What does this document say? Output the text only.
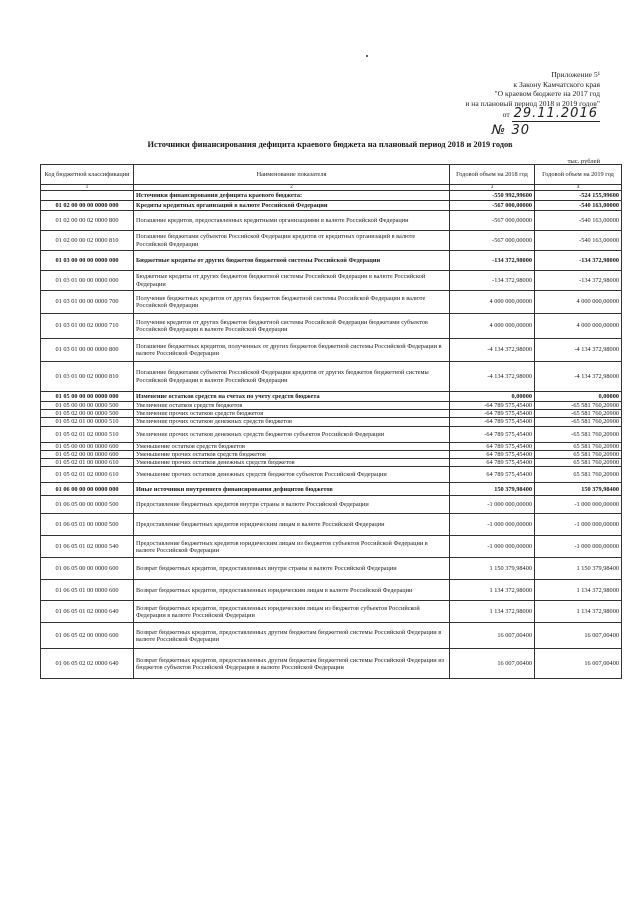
Приложение 5¹
к Закону Камчатского края
"О краевом бюджете на 2017 год
и на плановый период 2018 и 2019 годов"
от 29.11.2016
№ 30
Источники финансирования дефицита краевого бюджета на плановый период 2018 и 2019 годов
тыс. рублей
Код бюджетной классификации	Наименование показателя	Годовой объем на 2018 год	Годовой объем на 2019 год
1	2	3	4
	Источники финансирования дефицита краевого бюджета:	-550 992,99600	-524 155,99600
01 02 00 00 00 0000 000	Кредиты кредитных организаций в валюте Российской Федерации	-567 000,00000	-540 163,00000
01 02 00 00 02 0000 800	Погашение кредитов, предоставленных кредитными организациями в валюте Российской Федерации	-567 000,00000	-540 163,00000
01 02 00 00 02 0000 810	Погашение бюджетами субъектов Российской Федерации кредитов от кредитных организаций в валюте Российской Федерации	-567 000,00000	-540 163,00000
01 03 00 00 00 0000 000	Бюджетные кредиты от других бюджетов бюджетной системы Российской Федерации	-134 372,98000	-134 372,98000
01 03 01 00 00 0000 000	Бюджетные кредиты от других бюджетов бюджетной системы Российской Федерации в валюте Российской Федерации	-134 372,98000	-134 372,98000
01 03 01 00 00 0000 700	Получение бюджетных кредитов от других бюджетов бюджетной системы Российской Федерации в валюте Российской Федерации	4 000 000,00000	4 000 000,00000
01 03 01 00 02 0000 710	Получение кредитов от других бюджетов бюджетной системы Российской Федерации бюджетами субъектов Российской Федерации в валюте Российской Федерации	4 000 000,00000	4 000 000,00000
01 03 01 00 00 0000 800	Погашение бюджетных кредитов, полученных от других бюджетов бюджетной системы Российской Федерации в валюте Российской Федерации	-4 134 372,98000	-4 134 372,98000
01 03 01 00 02 0000 810	Погашение бюджетами субъектов Российской Федерации кредитов от других бюджетов бюджетной системы Российской Федерации в валюте Российской Федерации	-4 134 372,98000	-4 134 372,98000
01 05 00 00 00 0000 000	Изменение остатков средств на счетах по учету средств бюджета	0,00000	0,00000
01 05 00 00 00 0000 500	Увеличение остатков средств бюджетов	-64 789 575,45400	-65 581 760,20900
01 05 02 00 00 0000 500	Увеличение прочих остатков средств бюджетов	-64 789 575,45400	-65 581 760,20900
01 05 02 01 00 0000 510	Увеличение прочих остатков денежных средств бюджетов	-64 789 575,45400	-65 581 760,20900
01 05 02 01 02 0000 510	Увеличение прочих остатков денежных средств бюджетов субъектов Российской Федерации	-64 789 575,45400	-65 581 760,20900
01 05 00 00 00 0000 600	Уменьшение остатков средств бюджетов	64 789 575,45400	65 581 760,20900
01 05 02 00 00 0000 600	Уменьшение прочих остатков средств бюджетов	64 789 575,45400	65 581 760,20900
01 05 02 01 00 0000 610	Уменьшение прочих остатков денежных средств бюджетов	64 789 575,45400	65 581 760,20900
01 05 02 01 02 0000 610	Уменьшение прочих остатков денежных средств бюджетов субъектов Российской Федерации	64 789 575,45400	65 581 760,20900
01 06 00 00 00 0000 000	Иные источники внутреннего финансирования дефицитов бюджетов	150 379,98400	150 379,98400
01 06 05 00 00 0000 500	Предоставление бюджетных кредитов внутри страны в валюте Российской Федерации	-1 000 000,00000	-1 000 000,00000
01 06 05 01 00 0000 500	Предоставление бюджетных кредитов юридическим лицам в валюте Российской Федерации	-1 000 000,00000	-1 000 000,00000
01 06 05 01 02 0000 540	Предоставление бюджетных кредитов юридическим лицам из бюджетов субъектов Российской Федерации в валюте Российской Федерации	-1 000 000,00000	-1 000 000,00000
01 06 05 00 00 0000 600	Возврат бюджетных кредитов, предоставленных внутри страны в валюте Российской Федерации	1 150 379,98400	1 150 379,98400
01 06 05 01 00 0000 600	Возврат бюджетных кредитов, предоставленных юридическим лицам в валюте Российской Федерации	1 134 372,98000	1 134 372,98000
01 06 05 01 02 0000 640	Возврат бюджетных кредитов, предоставленных юридическим лицам из бюджетов субъектов Российской Федерации в валюте Российской Федерации	1 134 372,98000	1 134 372,98000
01 06 05 02 00 0000 600	Возврат бюджетных кредитов, предоставленных другим бюджетам бюджетной системы Российской Федерации в валюте Российской Федерации	16 007,00400	16 007,00400
01 06 05 02 02 0000 640	Возврат бюджетных кредитов, предоставленных другим бюджетам бюджетной системы Российской Федерации из бюджетов субъектов Российской Федерации в валюте Российской Федерации	16 007,00400	16 007,00400
